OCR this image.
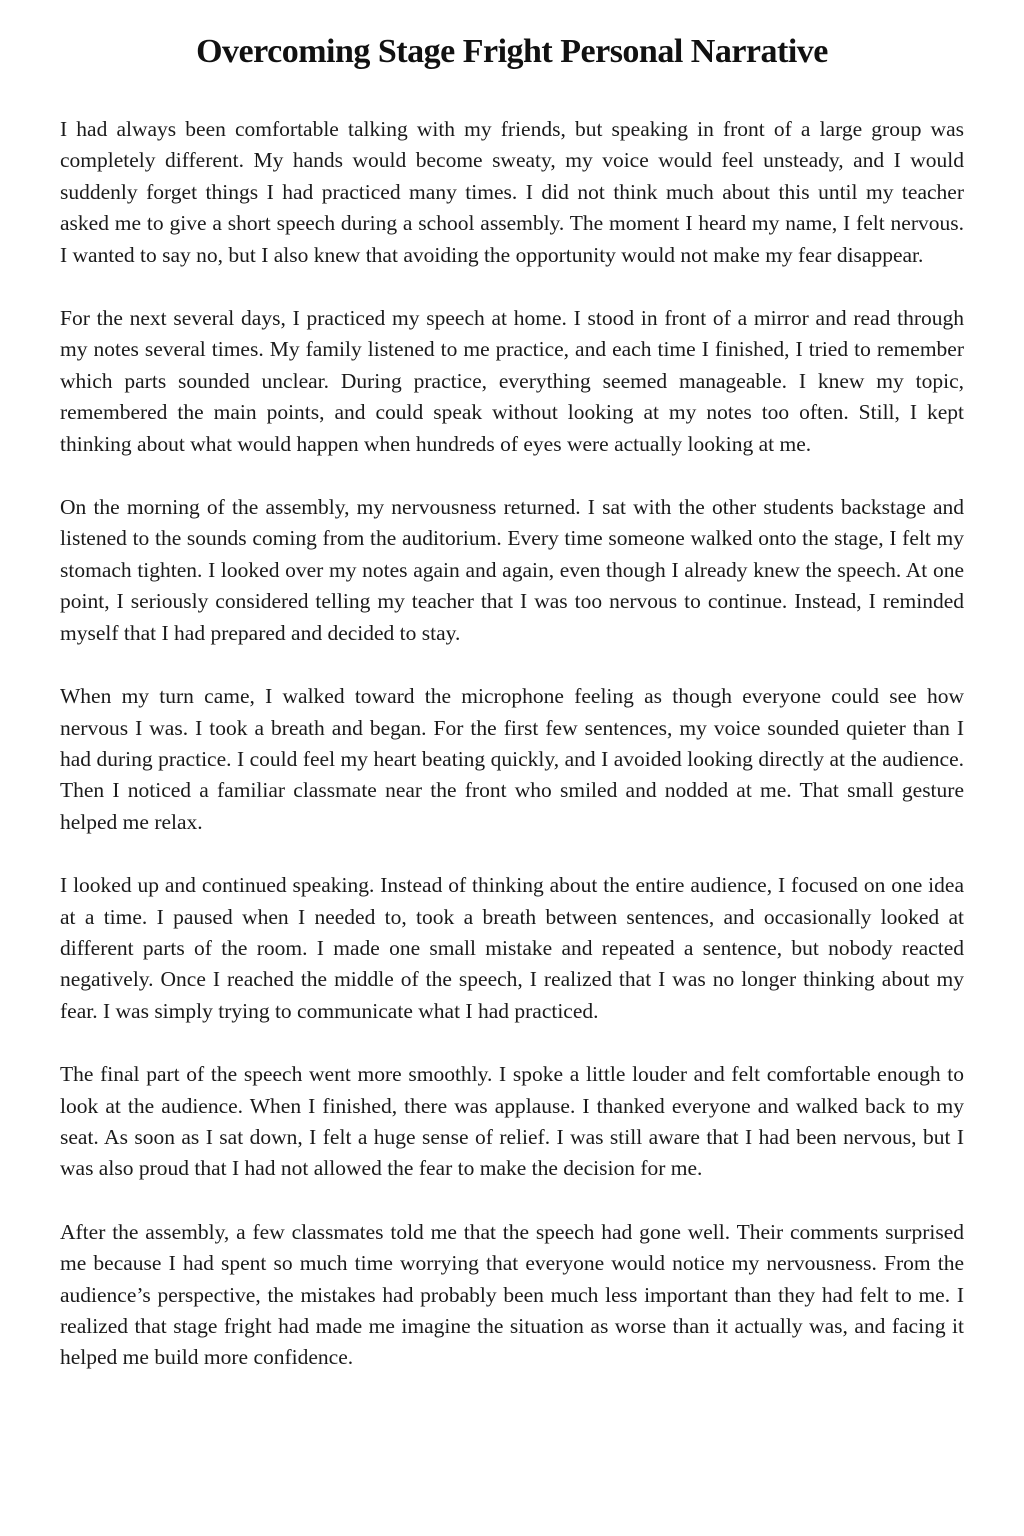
Overcoming Stage Fright Personal Narrative

I had always been comfortable talking with my friends, but speaking in front of a large group was completely different. My hands would become sweaty, my voice would feel unsteady, and I would suddenly forget things I had practiced many times. I did not think much about this until my teacher asked me to give a short speech during a school assembly. The moment I heard my name, I felt nervous. I wanted to say no, but I also knew that avoiding the opportunity would not make my fear disappear.

For the next several days, I practiced my speech at home. I stood in front of a mirror and read through my notes several times. My family listened to me practice, and each time I finished, I tried to remember which parts sounded unclear. During practice, everything seemed manageable. I knew my topic, remembered the main points, and could speak without looking at my notes too often. Still, I kept thinking about what would happen when hundreds of eyes were actually looking at me.

On the morning of the assembly, my nervousness returned. I sat with the other students backstage and listened to the sounds coming from the auditorium. Every time someone walked onto the stage, I felt my stomach tighten. I looked over my notes again and again, even though I already knew the speech. At one point, I seriously considered telling my teacher that I was too nervous to continue. Instead, I reminded myself that I had prepared and decided to stay.

When my turn came, I walked toward the microphone feeling as though everyone could see how nervous I was. I took a breath and began. For the first few sentences, my voice sounded quieter than I had during practice. I could feel my heart beating quickly, and I avoided looking directly at the audience. Then I noticed a familiar classmate near the front who smiled and nodded at me. That small gesture helped me relax.

I looked up and continued speaking. Instead of thinking about the entire audience, I focused on one idea at a time. I paused when I needed to, took a breath between sentences, and occasionally looked at different parts of the room. I made one small mistake and repeated a sentence, but nobody reacted negatively. Once I reached the middle of the speech, I realized that I was no longer thinking about my fear. I was simply trying to communicate what I had practiced.

The final part of the speech went more smoothly. I spoke a little louder and felt comfortable enough to look at the audience. When I finished, there was applause. I thanked everyone and walked back to my seat. As soon as I sat down, I felt a huge sense of relief. I was still aware that I had been nervous, but I was also proud that I had not allowed the fear to make the decision for me.

After the assembly, a few classmates told me that the speech had gone well. Their comments surprised me because I had spent so much time worrying that everyone would notice my nervousness. From the audience’s perspective, the mistakes had probably been much less important than they had felt to me. I realized that stage fright had made me imagine the situation as worse than it actually was, and facing it helped me build more confidence.
